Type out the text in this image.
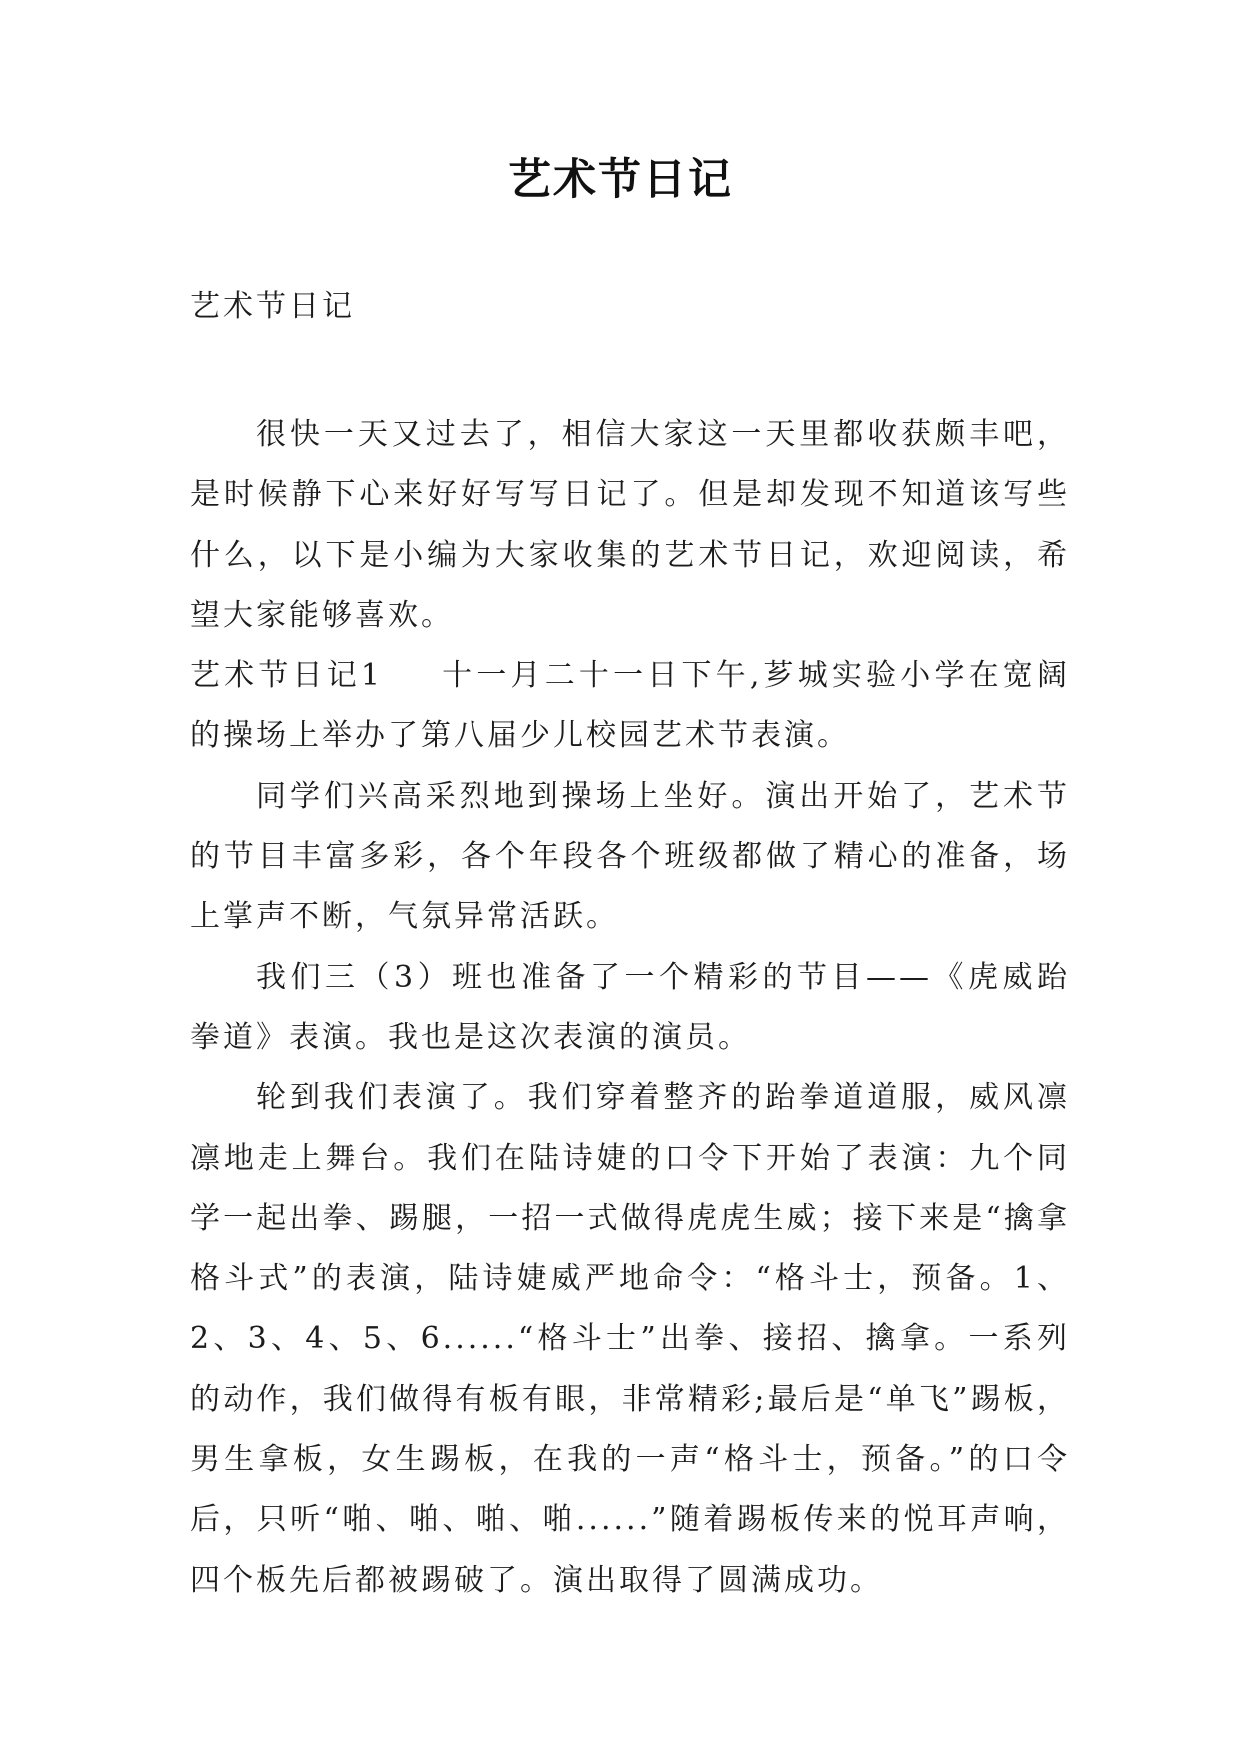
艺术节日记
艺术节日记

很快一天又过去了，相信大家这一天里都收获颇丰吧，是时候静下心来好好写写日记了。但是却发现不知道该写些什么，以下是小编为大家收集的艺术节日记，欢迎阅读，希望大家能够喜欢。

艺术节日记1 十一月二十一日下午,芗城实验小学在宽阔的操场上举办了第八届少儿校园艺术节表演。

同学们兴高采烈地到操场上坐好。演出开始了，艺术节的节目丰富多彩，各个年段各个班级都做了精心的准备，场上掌声不断，气氛异常活跃。

我们三（3）班也准备了一个精彩的节目——《虎威跆拳道》表演。我也是这次表演的演员。

轮到我们表演了。我们穿着整齐的跆拳道道服，威风凛凛地走上舞台。我们在陆诗婕的口令下开始了表演：九个同学一起出拳、踢腿，一招一式做得虎虎生威；接下来是“擒拿格斗式”的表演，陆诗婕威严地命令：“格斗士，预备。1、2、3、4、5、6......“格斗士”出拳、接招、擒拿。一系列的动作，我们做得有板有眼，非常精彩;最后是“单飞”踢板，男生拿板，女生踢板，在我的一声“格斗士，预备。”的口令后，只听“啪、啪、啪、啪......”随着踢板传来的悦耳声响，四个板先后都被踢破了。演出取得了圆满成功。
